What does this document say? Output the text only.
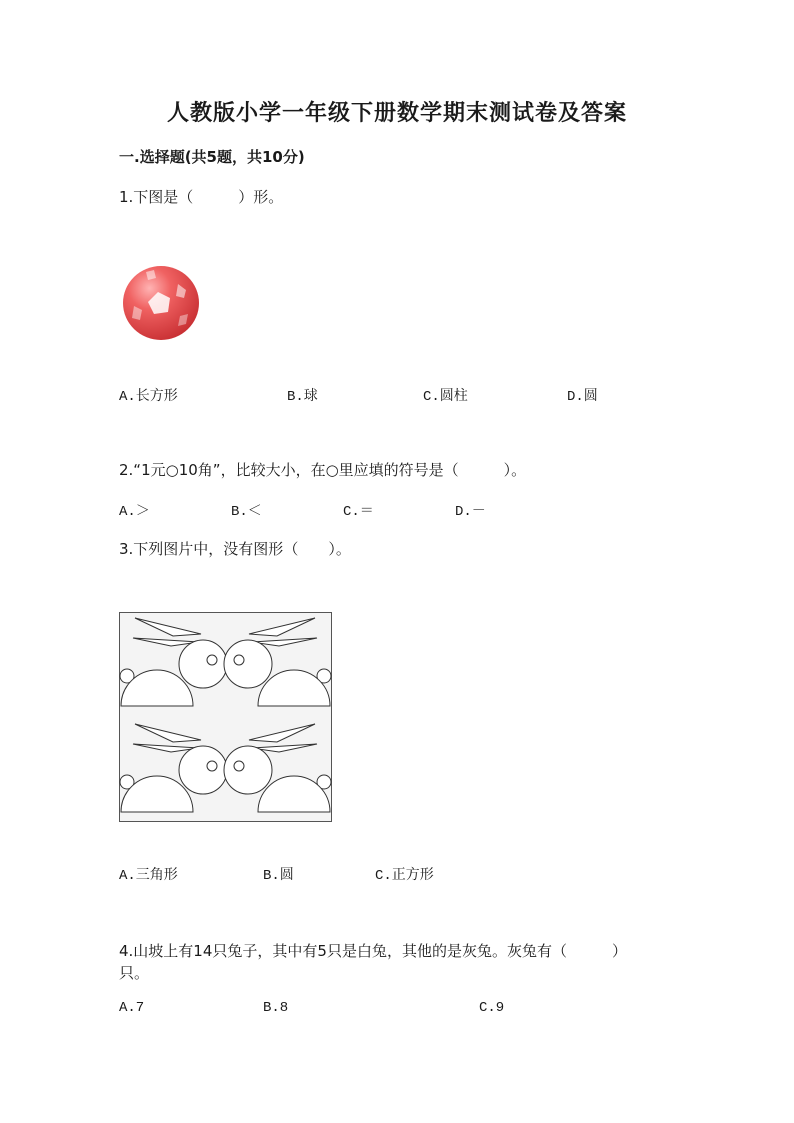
人教版小学一年级下册数学期末测试卷及答案
一.选择题(共5题，共10分)
1.下图是（　　　）形。
A.长方形	B.球	C.圆柱	D.圆
2.“1元○10角”，比较大小，在○里应填的符号是（　　　）。
A.＞	B.＜	C.＝	D.－
3.下列图片中，没有图形（　　）。
A.三角形	B.圆	C.正方形
4.山坡上有14只兔子，其中有5只是白兔，其他的是灰兔。灰兔有（　　　）
只。
A.7	B.8	C.9
